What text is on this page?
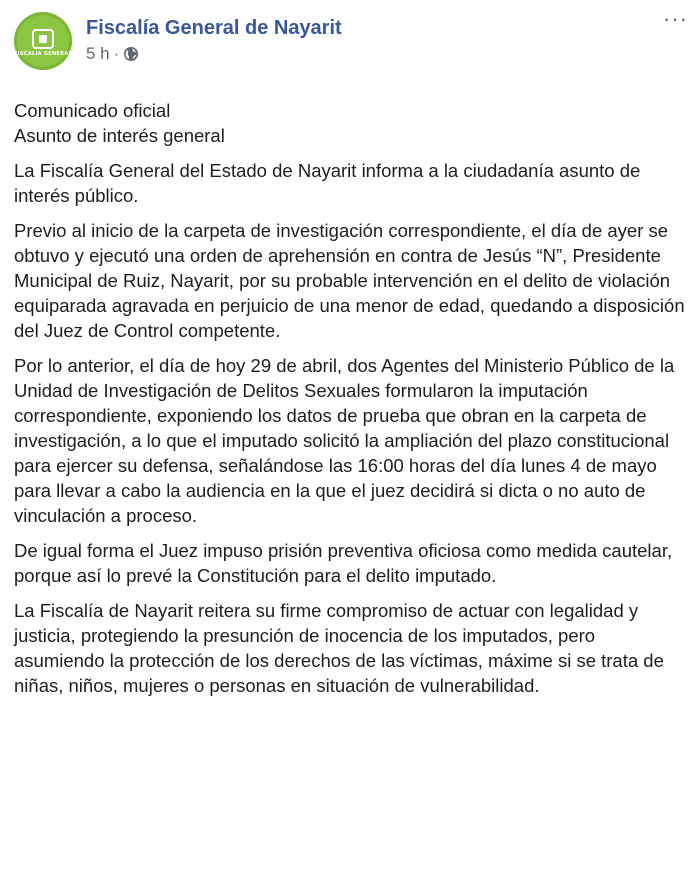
FISCALÍA GENERAL
Fiscalía General de Nayarit
5 h ·
···

Comunicado oficial
Asunto de interés general

La Fiscalía General del Estado de Nayarit informa a la ciudadanía asunto de interés público.

Previo al inicio de la carpeta de investigación correspondiente, el día de ayer se obtuvo y ejecutó una orden de aprehensión en contra de Jesús “N”, Presidente Municipal de Ruiz, Nayarit, por su probable intervención en el delito de violación equiparada agravada en perjuicio de una menor de edad, quedando a disposición del Juez de Control competente.

Por lo anterior, el día de hoy 29 de abril, dos Agentes del Ministerio Público de la Unidad de Investigación de Delitos Sexuales formularon la imputación correspondiente, exponiendo los datos de prueba que obran en la carpeta de investigación, a lo que el imputado solicitó la ampliación del plazo constitucional para ejercer su defensa, señalándose las 16:00 horas del día lunes 4 de mayo para llevar a cabo la audiencia en la que el juez decidirá si dicta o no auto de vinculación a proceso.

De igual forma el Juez impuso prisión preventiva oficiosa como medida cautelar, porque así lo prevé la Constitución para el delito imputado.

La Fiscalía de Nayarit reitera su firme compromiso de actuar con legalidad y justicia, protegiendo la presunción de inocencia de los imputados, pero asumiendo la protección de los derechos de las víctimas, máxime si se trata de niñas, niños, mujeres o personas en situación de vulnerabilidad.
